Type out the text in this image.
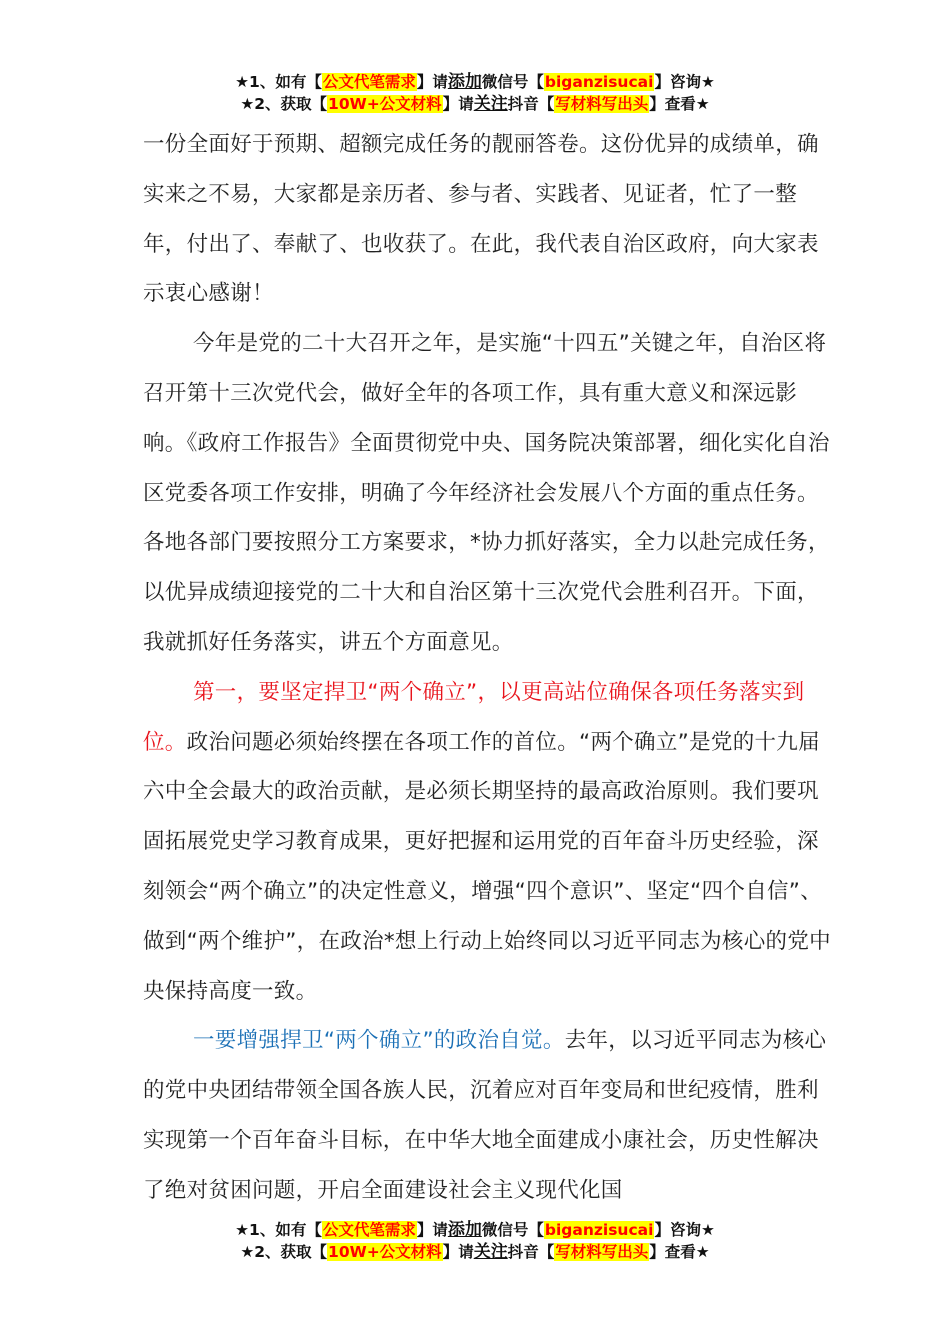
★1、如有【公文代笔需求】请添加微信号【biganzisucai】咨询★
★2、获取【10W+公文材料】请关注抖音【写材料写出头】查看★

一份全面好于预期、超额完成任务的靓丽答卷。这份优异的成绩单，确实来之不易，大家都是亲历者、参与者、实践者、见证者，忙了一整年，付出了、奉献了、也收获了。在此，我代表自治区政府，向大家表示衷心感谢！

今年是党的二十大召开之年，是实施“十四五”关键之年，自治区将召开第十三次党代会，做好全年的各项工作，具有重大意义和深远影响。《政府工作报告》全面贯彻党中央、国务院决策部署，细化实化自治区党委各项工作安排，明确了今年经济社会发展八个方面的重点任务。各地各部门要按照分工方案要求，*协力抓好落实，全力以赴完成任务，以优异成绩迎接党的二十大和自治区第十三次党代会胜利召开。下面，我就抓好任务落实，讲五个方面意见。

第一，要坚定捍卫“两个确立”，以更高站位确保各项任务落实到位。政治问题必须始终摆在各项工作的首位。“两个确立”是党的十九届六中全会最大的政治贡献，是必须长期坚持的最高政治原则。我们要巩固拓展党史学习教育成果，更好把握和运用党的百年奋斗历史经验，深刻领会“两个确立”的决定性意义，增强“四个意识”、坚定“四个自信”、做到“两个维护”，在政治*想上行动上始终同以习近平同志为核心的党中央保持高度一致。

一要增强捍卫“两个确立”的政治自觉。去年，以习近平同志为核心的党中央团结带领全国各族人民，沉着应对百年变局和世纪疫情，胜利实现第一个百年奋斗目标，在中华大地全面建成小康社会，历史性解决了绝对贫困问题，开启全面建设社会主义现代化国

★1、如有【公文代笔需求】请添加微信号【biganzisucai】咨询★
★2、获取【10W+公文材料】请关注抖音【写材料写出头】查看★
